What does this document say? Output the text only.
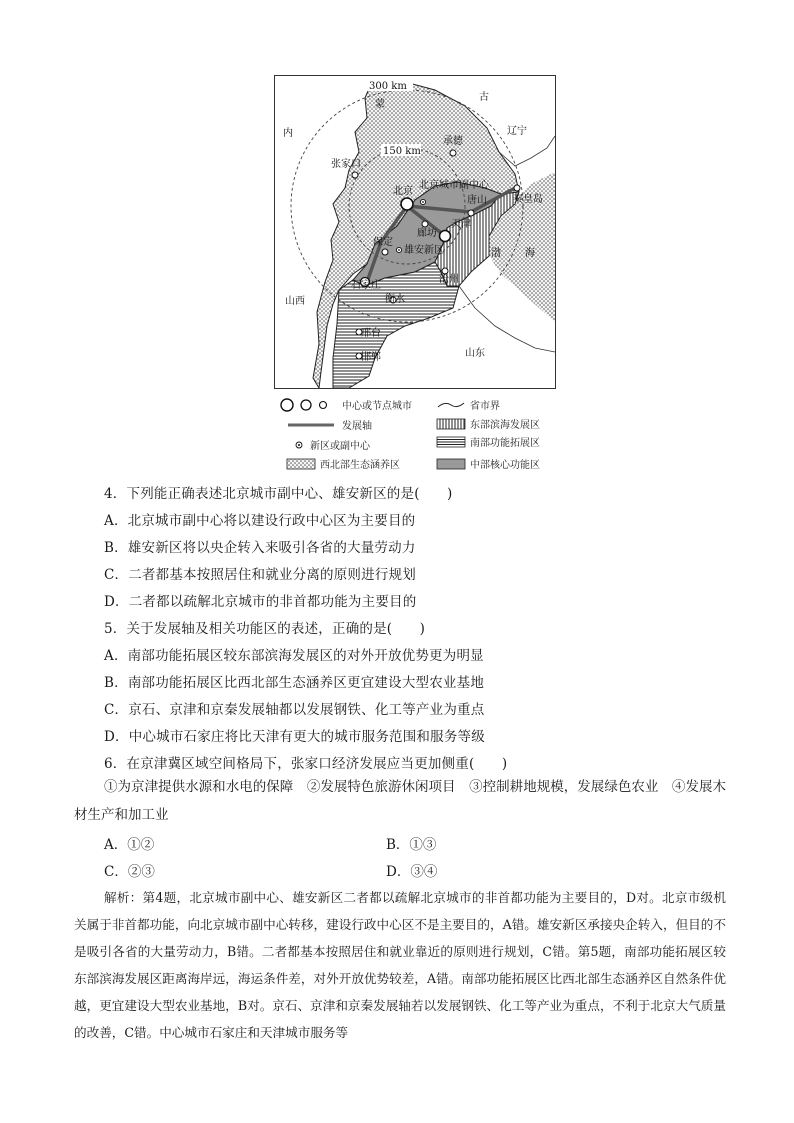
300 km
150 km
蒙
内
古
辽宁
承德
张家口
北京
北京城市副中心
唐山	秦皇岛
廊坊
天津
保定
雄安新区	渤 海
沧州
石家庄
衡水
山西
邢台
邯郸	山东
中心或节点城市	省市界
发展轴	东部滨海发展区
新区或副中心	南部功能拓展区
西北部生态涵养区	中部核心功能区
4．下列能正确表述北京城市副中心、雄安新区的是(　　)
A．北京城市副中心将以建设行政中心区为主要目的
B．雄安新区将以央企转入来吸引各省的大量劳动力
C．二者都基本按照居住和就业分离的原则进行规划
D．二者都以疏解北京城市的非首都功能为主要目的
5．关于发展轴及相关功能区的表述，正确的是(　　)
A．南部功能拓展区较东部滨海发展区的对外开放优势更为明显
B．南部功能拓展区比西北部生态涵养区更宜建设大型农业基地
C．京石、京津和京秦发展轴都以发展钢铁、化工等产业为重点
D．中心城市石家庄将比天津有更大的城市服务范围和服务等级
6．在京津冀区域空间格局下，张家口经济发展应当更加侧重(　　)
①为京津提供水源和水电的保障　②发展特色旅游休闲项目　③控制耕地规模，发展绿色农业　④发展木材生产和加工业
A．①②	B．①③
C．②③	D．③④
解析：第4题，北京城市副中心、雄安新区二者都以疏解北京城市的非首都功能为主要目的，D对。北京市级机关属于非首都功能，向北京城市副中心转移，建设行政中心区不是主要目的，A错。雄安新区承接央企转入，但目的不是吸引各省的大量劳动力，B错。二者都基本按照居住和就业靠近的原则进行规划，C错。第5题，南部功能拓展区较东部滨海发展区距离海岸远，海运条件差，对外开放优势较差，A错。南部功能拓展区比西北部生态涵养区自然条件优越，更宜建设大型农业基地，B对。京石、京津和京秦发展轴若以发展钢铁、化工等产业为重点，不利于北京大气质量的改善，C错。中心城市石家庄和天津城市服务等
